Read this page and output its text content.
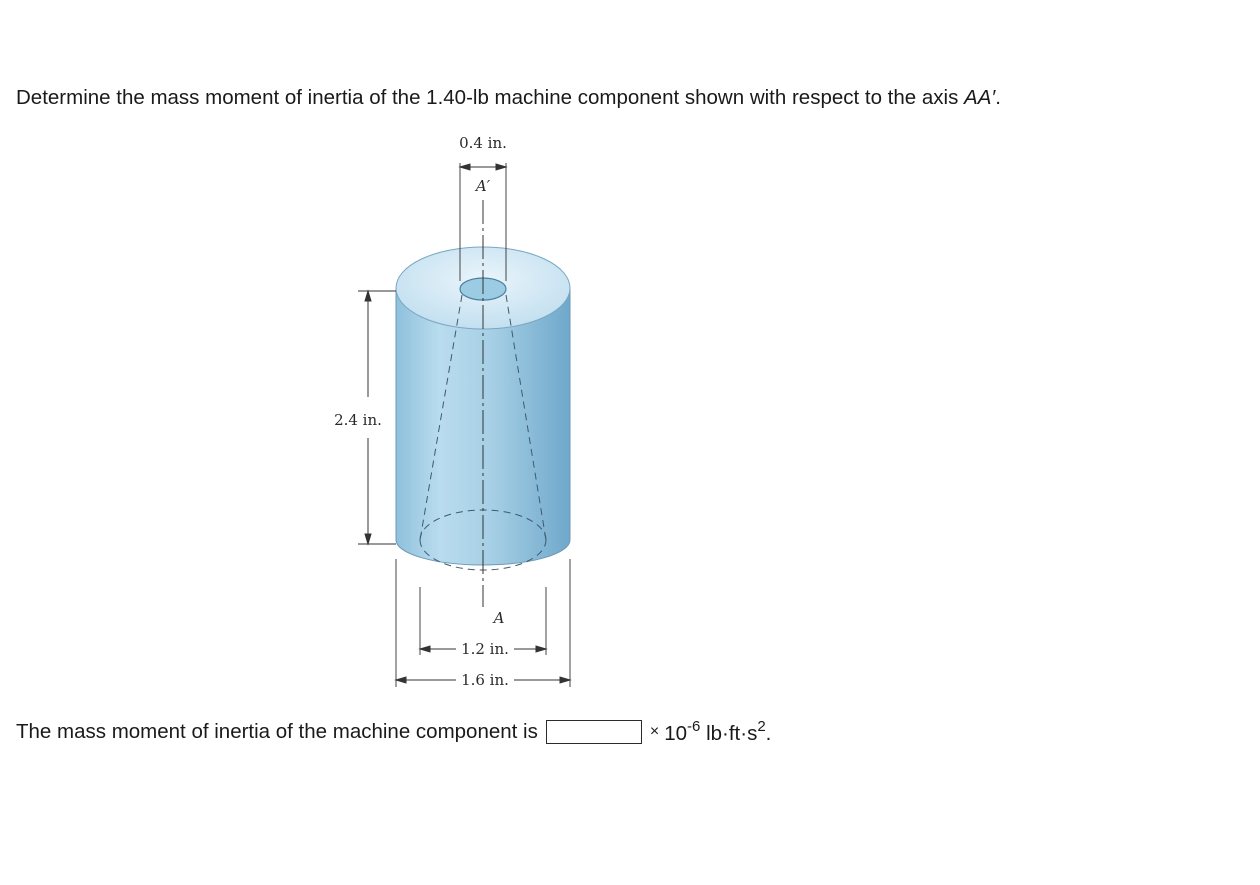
Determine the mass moment of inertia of the 1.40-lb machine component shown with respect to the axis AA′.
0.4 in.
A′
2.4 in.
A
1.2 in.
1.6 in.
The mass moment of inertia of the machine component is	× $10^{-6}$ $lb\cdot ft\cdot s^2$.
